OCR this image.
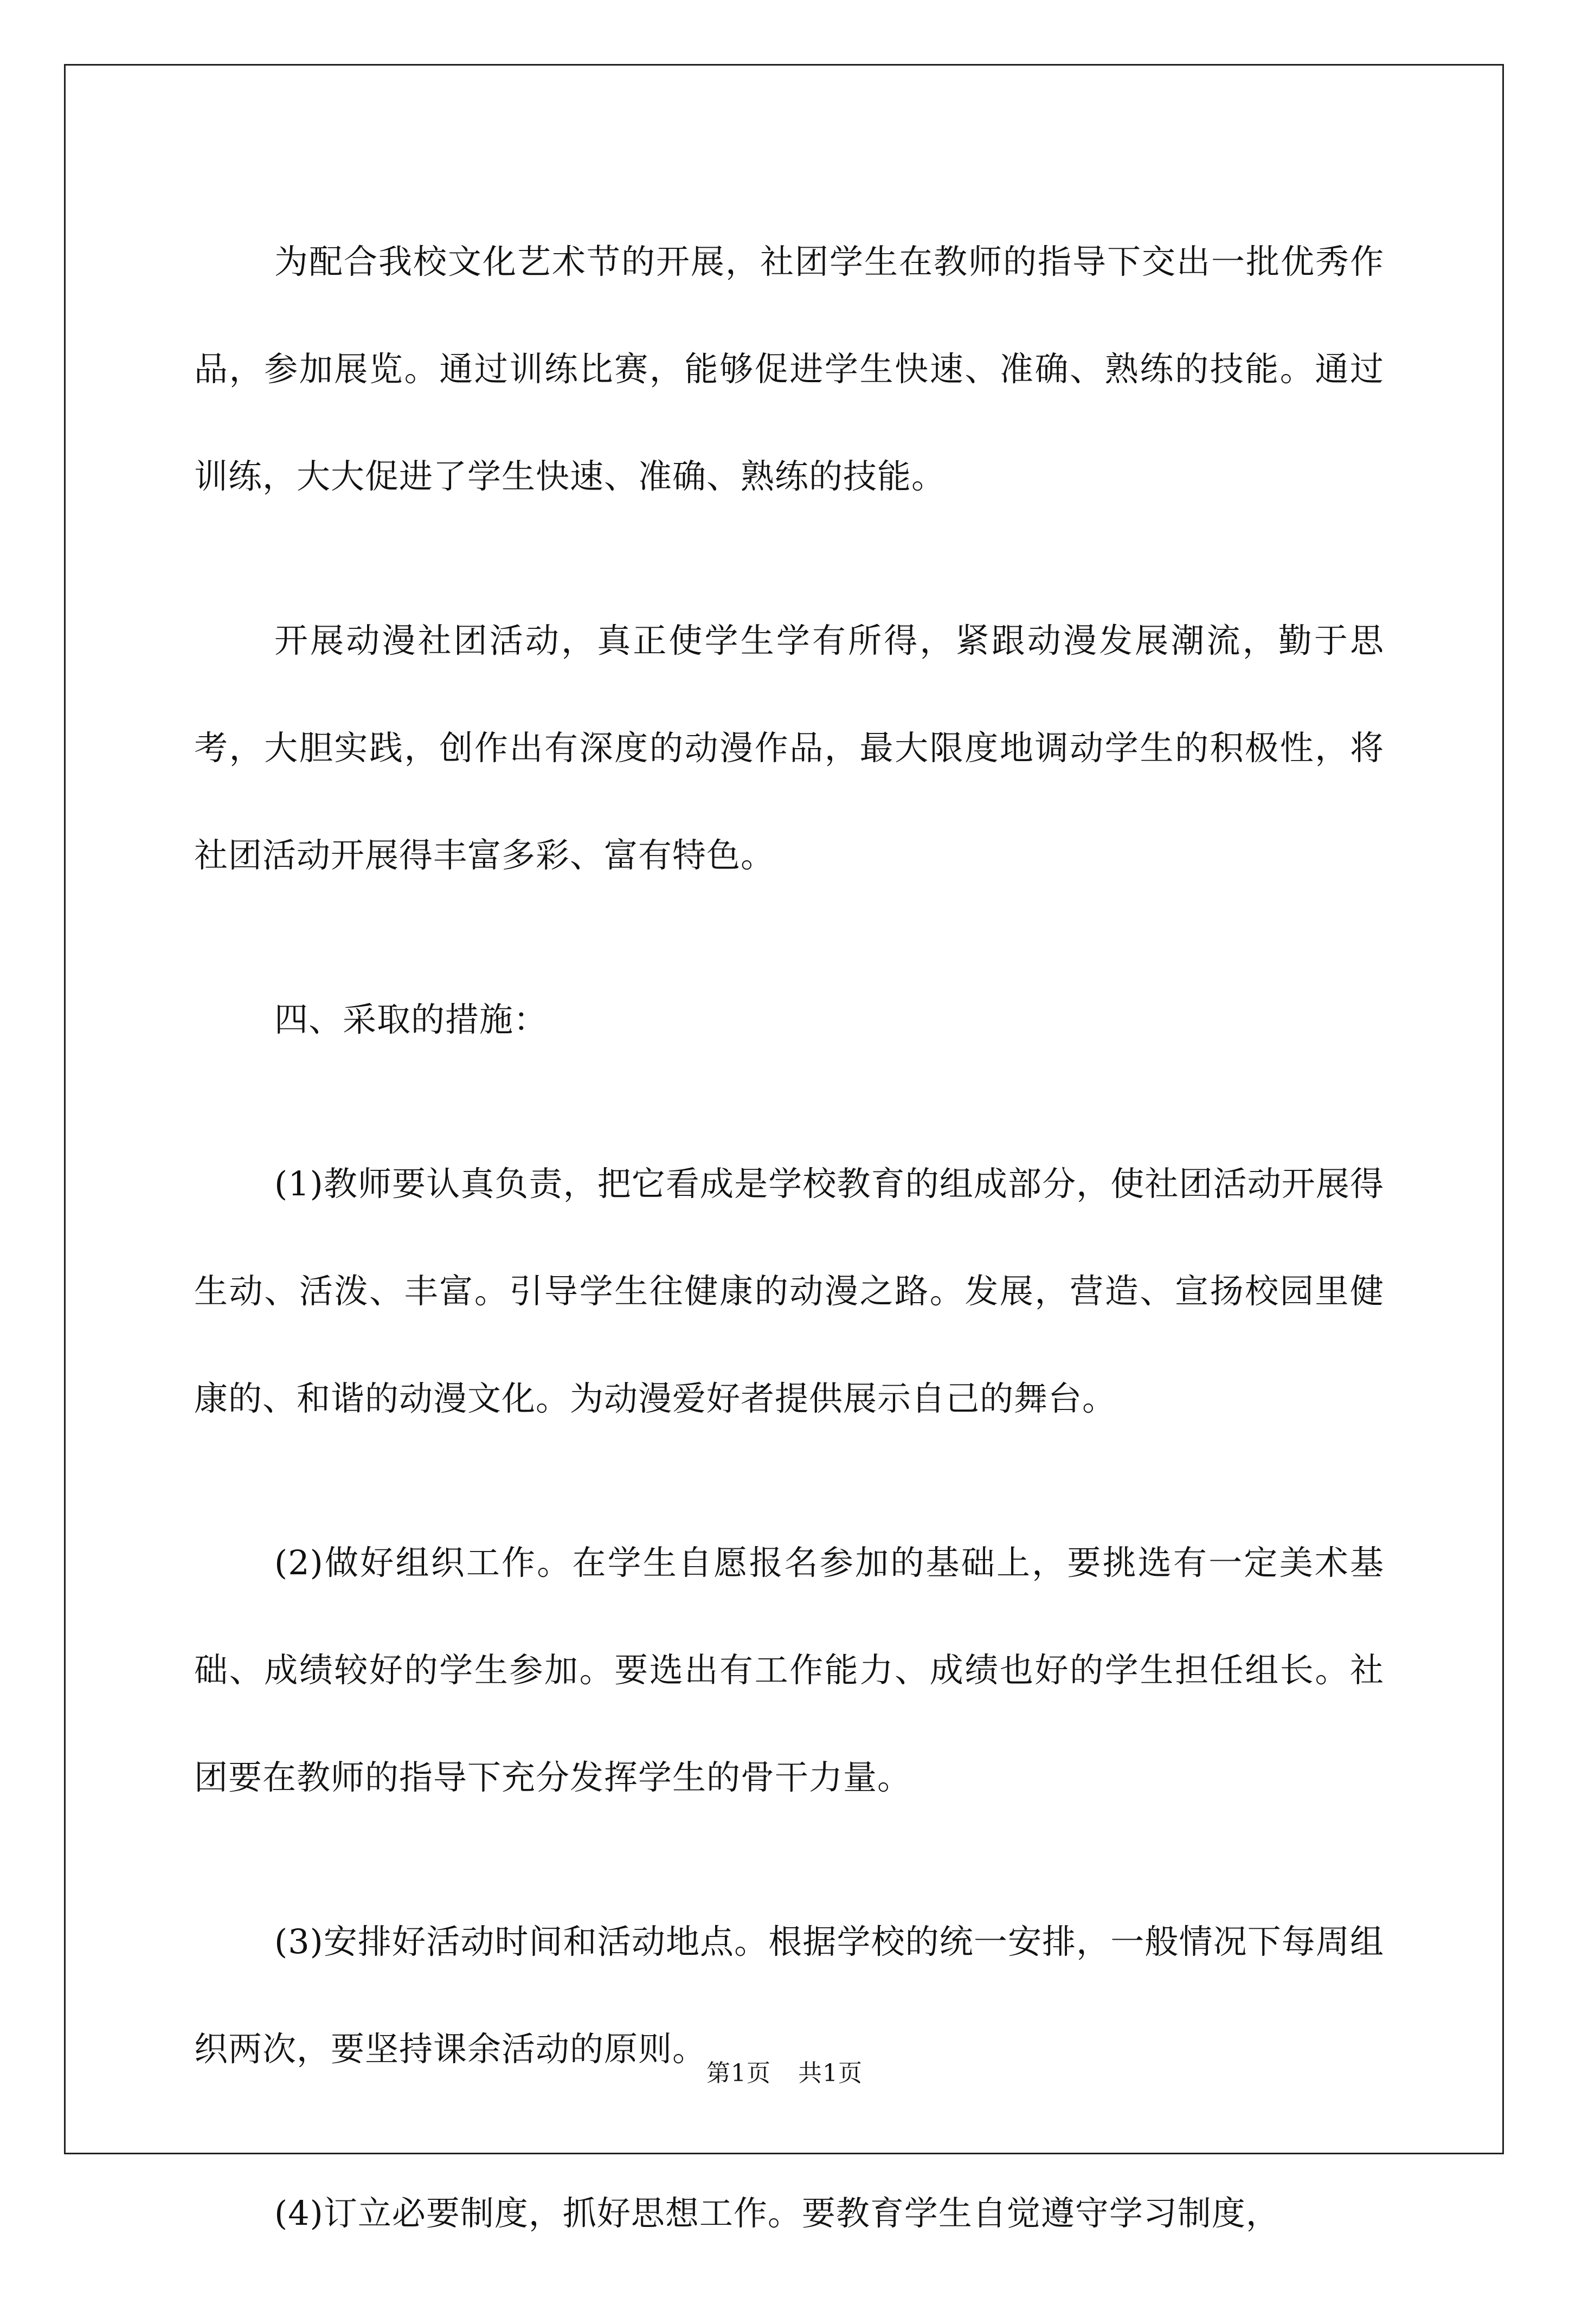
为配合我校文化艺术节的开展，社团学生在教师的指导下交出一批优秀作品，参加展览。通过训练比赛，能够促进学生快速、准确、熟练的技能。通过训练，大大促进了学生快速、准确、熟练的技能。

开展动漫社团活动，真正使学生学有所得，紧跟动漫发展潮流，勤于思考，大胆实践，创作出有深度的动漫作品，最大限度地调动学生的积极性，将社团活动开展得丰富多彩、富有特色。

四、采取的措施：

(1)教师要认真负责，把它看成是学校教育的组成部分，使社团活动开展得生动、活泼、丰富。引导学生往健康的动漫之路。发展，营造、宣扬校园里健康的、和谐的动漫文化。为动漫爱好者提供展示自己的舞台。

(2)做好组织工作。在学生自愿报名参加的基础上，要挑选有一定美术基础、成绩较好的学生参加。要选出有工作能力、成绩也好的学生担任组长。社团要在教师的指导下充分发挥学生的骨干力量。

(3)安排好活动时间和活动地点。根据学校的统一安排，一般情况下每周组织两次，要坚持课余活动的原则。

(4)订立必要制度，抓好思想工作。要教育学生自觉遵守学习制度，

第1页 共1页
